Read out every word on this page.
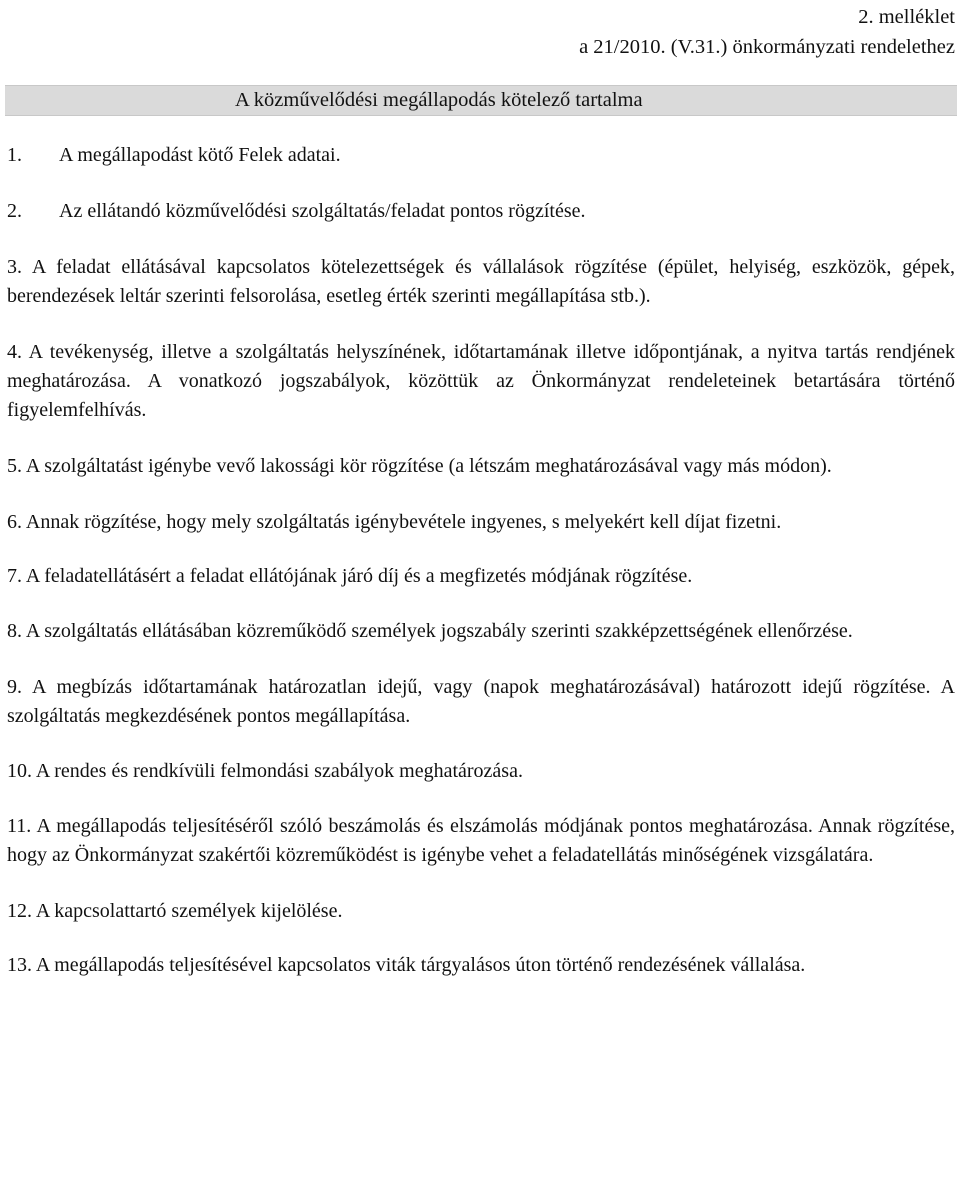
2. melléklet
a 21/2010. (V.31.) önkormányzati rendelethez
A közművelődési megállapodás kötelező tartalma
1. A megállapodást kötő Felek adatai.
2. Az ellátandó közművelődési szolgáltatás/feladat pontos rögzítése.
3. A feladat ellátásával kapcsolatos kötelezettségek és vállalások rögzítése (épület, helyiség, eszközök, gépek, berendezések leltár szerinti felsorolása, esetleg érték szerinti megállapítása stb.).
4. A tevékenység, illetve a szolgáltatás helyszínének, időtartamának illetve időpontjának, a nyitva tartás rendjének meghatározása. A vonatkozó jogszabályok, közöttük az Önkormányzat rendeleteinek betartására történő figyelemfelhívás.
5. A szolgáltatást igénybe vevő lakossági kör rögzítése (a létszám meghatározásával vagy más módon).
6. Annak rögzítése, hogy mely szolgáltatás igénybevétele ingyenes, s melyekért kell díjat fizetni.
7. A feladatellátásért a feladat ellátójának járó díj és a megfizetés módjának rögzítése.
8. A szolgáltatás ellátásában közreműködő személyek jogszabály szerinti szakképzettségének ellenőrzése.
9. A megbízás időtartamának határozatlan idejű, vagy (napok meghatározásával) határozott idejű rögzítése. A szolgáltatás megkezdésének pontos megállapítása.
10. A rendes és rendkívüli felmondási szabályok meghatározása.
11. A megállapodás teljesítéséről szóló beszámolás és elszámolás módjának pontos meghatározása. Annak rögzítése, hogy az Önkormányzat szakértői közreműködést is igénybe vehet a feladatellátás minőségének vizsgálatára.
12. A kapcsolattartó személyek kijelölése.
13. A megállapodás teljesítésével kapcsolatos viták tárgyalásos úton történő rendezésének vállalása.
